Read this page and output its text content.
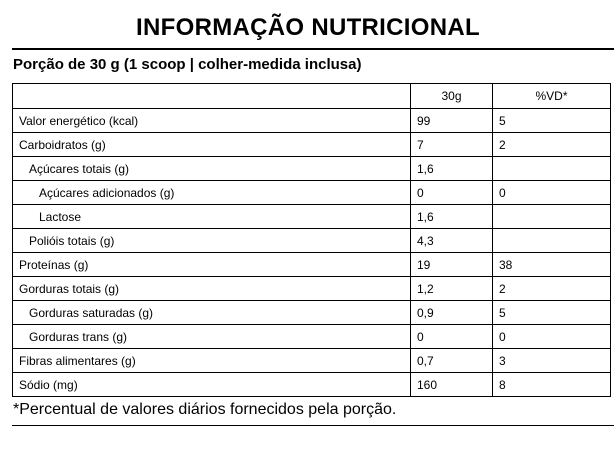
INFORMAÇÃO NUTRICIONAL
Porção de 30 g (1 scoop | colher-medida inclusa)
	30g	%VD*
Valor energético (kcal)	99	5
Carboidratos (g)	7	2
Açúcares totais (g)	1,6	
Açúcares adicionados (g)	0	0
Lactose	1,6	
Polióis totais (g)	4,3	
Proteínas (g)	19	38
Gorduras totais (g)	1,2	2
Gorduras saturadas (g)	0,9	5
Gorduras trans (g)	0	0
Fibras alimentares (g)	0,7	3
Sódio (mg)	160	8
*Percentual de valores diários fornecidos pela porção.
